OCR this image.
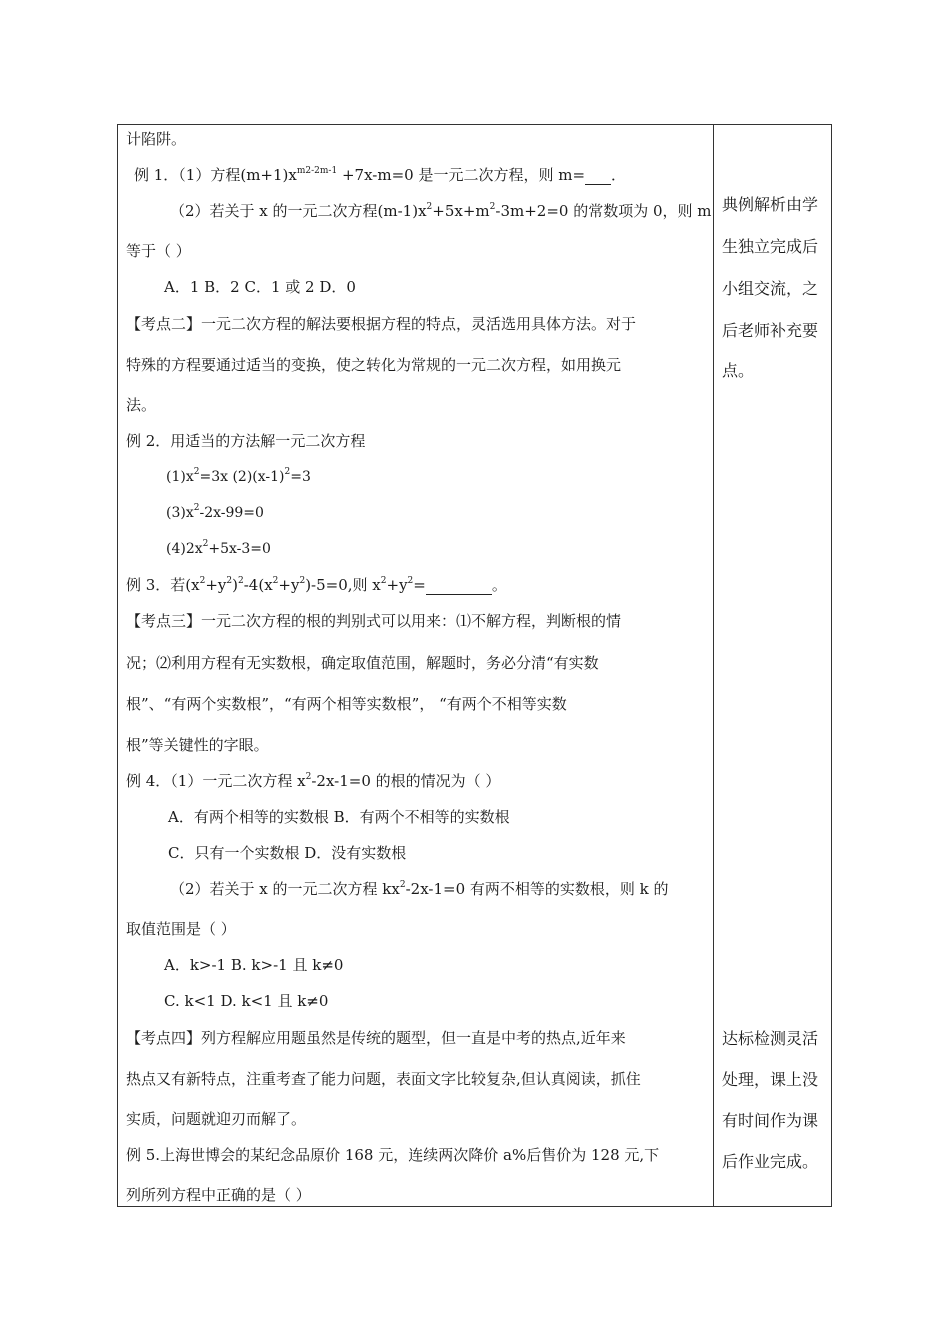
计陷阱。
例 1．（1）方程$(m+1)x^{m2-2m-1} +7x-m=0$ 是一元二次方程，则 m= ．
（2）若关于 x 的一元二次方程$(m-1)x^2+5x+m^2-3m+2=0$ 的常数项为 0，则 m
等于（ ）
A．1 B．2 C．1 或 2 D．0
【考点二】一元二次方程的解法要根据方程的特点，灵活选用具体方法。对于
特殊的方程要通过适当的变换，使之转化为常规的一元二次方程，如用换元
法。
例 2．用适当的方法解一元二次方程
$(1)x^2=3x$ $(2)(x-1)^2=3$
$(3)x^2-2x-99=0$
$(4)2x^2+5x-3=0$
例 3．若$(x^2+y^2)^2-4(x^2+y^2)-5=0$,则 $x^2+y^2=$	。
【考点三】一元二次方程的根的判别式可以用来：⑴不解方程，判断根的情
况；⑵利用方程有无实数根，确定取值范围，解题时，务必分清“有实数
根”、“有两个实数根”，“有两个相等实数根”， “有两个不相等实数
根”等关键性的字眼。
例 4．（1）一元二次方程 $x^2-2x-1=0$ 的根的情况为（ ）
A．有两个相等的实数根 B．有两个不相等的实数根
C．只有一个实数根 D．没有实数根
（2）若关于 x 的一元二次方程 $kx^2-2x-1=0$ 有两不相等的实数根，则 k 的
取值范围是（ ）
A．k>-1 B. k>-1 且 k≠0
C. k<1 D. k<1 且 k≠0
【考点四】列方程解应用题虽然是传统的题型，但一直是中考的热点,近年来
热点又有新特点，注重考查了能力问题，表面文字比较复杂,但认真阅读，抓住
实质，问题就迎刃而解了。
例 5.上海世博会的某纪念品原价 168 元，连续两次降价 a%后售价为 128 元,下
列所列方程中正确的是（ ）
典例解析由学
生独立完成后
小组交流，之
后老师补充要
点。
达标检测灵活
处理，课上没
有时间作为课
后作业完成。
